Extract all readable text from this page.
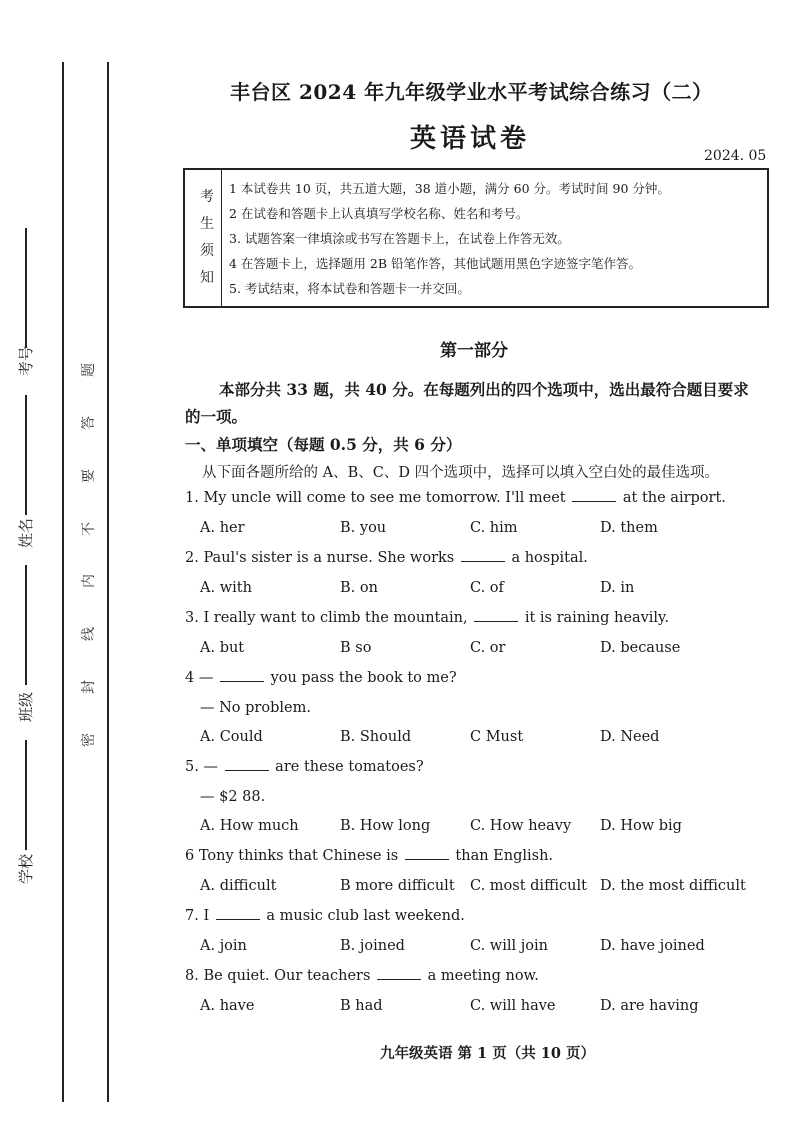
考号
姓名
班级
学校
密
封
线
内
不
要
答
题
丰台区 2024 年九年级学业水平考试综合练习（二）
英语试卷
2024. 05
考
生
须
知
1 本试卷共 10 页，共五道大题，38 道小题，满分 60 分。考试时间 90 分钟。
2 在试卷和答题卡上认真填写学校名称、姓名和考号。
3. 试题答案一律填涂或书写在答题卡上，在试卷上作答无效。
4 在答题卡上，选择题用 2B 铅笔作答，其他试题用黑色字迹签字笔作答。
5. 考试结束，将本试卷和答题卡一并交回。
第一部分
本部分共 33 题，共 40 分。在每题列出的四个选项中，选出最符合题目要求的一项。
一、单项填空（每题 0.5 分，共 6 分）
从下面各题所给的 A、B、C、D 四个选项中，选择可以填入空白处的最佳选项。
1. My uncle will come to see me tomorrow. I'll meet	at the airport.
A. her	B. you	C. him	D. them
2. Paul's sister is a nurse. She works	a hospital.
A. with	B. on	C. of	D. in
3. I really want to climb the mountain,	it is raining heavily.
A. but	B so	C. or	D. because
4 —	you pass the book to me?
— No problem.
A. Could	B. Should	C Must	D. Need
5. —	are these tomatoes?
— $2 88.
A. How much	B. How long	C. How heavy D. How big
6 Tony thinks that Chinese is	than English.
A. difficult	B more difficult C. most difficult D. the most difficult
7. I	a music club last weekend.
A. join	B. joined	C. will join	D. have joined
8. Be quiet. Our teachers	a meeting now.
A. have	B had	C. will have	D. are having
九年级英语 第 1 页（共 10 页）
